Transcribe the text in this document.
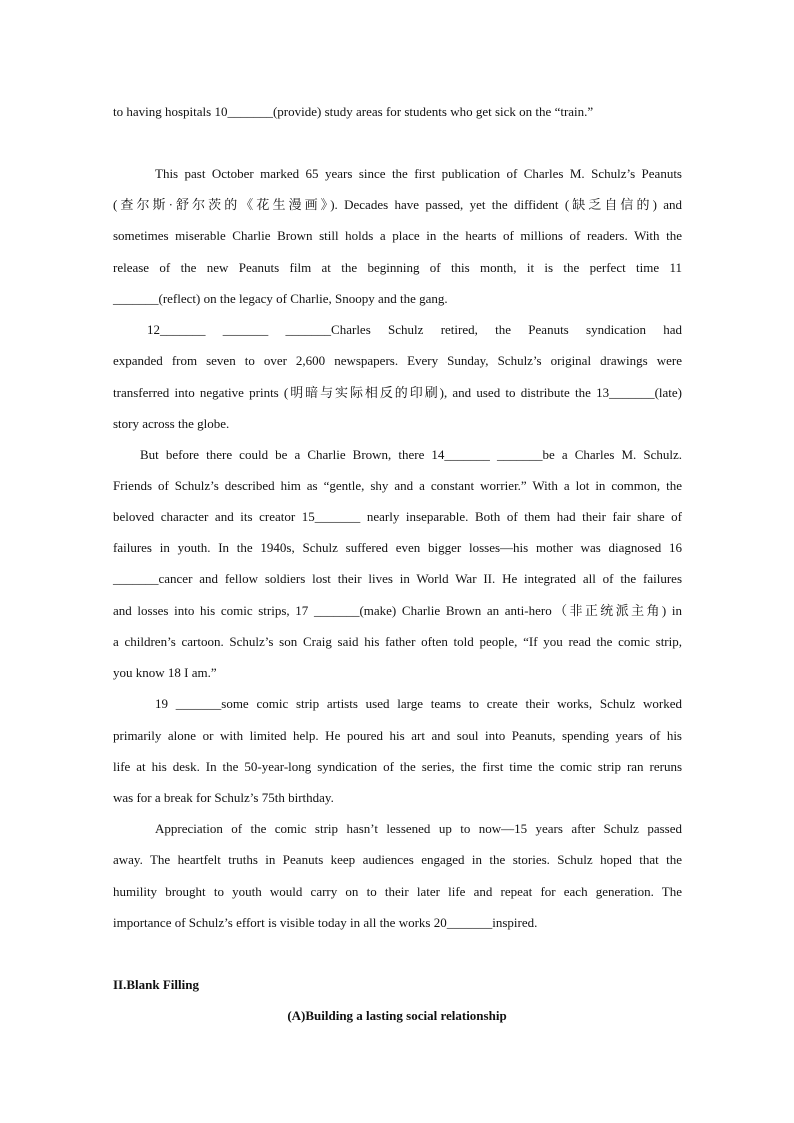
to having hospitals 10_______(provide) study areas for students who get sick on the “train.”
This past October marked 65 years since the first publication of Charles M. Schulz’s Peanuts
(查尔斯·舒尔茨的《花生漫画》). Decades have passed, yet the diffident (缺乏自信的) and
sometimes miserable Charlie Brown still holds a place in the hearts of millions of readers. With the
release of the new Peanuts film at the beginning of this month, it is the perfect time 11
_______(reflect) on the legacy of Charlie, Snoopy and the gang.
12_______ _______ _______Charles Schulz retired, the Peanuts syndication had
expanded from seven to over 2,600 newspapers. Every Sunday, Schulz’s original drawings were
transferred into negative prints (明暗与实际相反的印刷), and used to distribute the 13_______(late)
story across the globe.
But before there could be a Charlie Brown, there 14_______ _______be a Charles M. Schulz.
Friends of Schulz’s described him as “gentle, shy and a constant worrier.” With a lot in common, the
beloved character and its creator 15_______ nearly inseparable. Both of them had their fair share of
failures in youth. In the 1940s, Schulz suffered even bigger losses—his mother was diagnosed 16
_______cancer and fellow soldiers lost their lives in World War II. He integrated all of the failures
and losses into his comic strips, 17 _______(make) Charlie Brown an anti-hero（非正统派主角) in
a children’s cartoon. Schulz’s son Craig said his father often told people, “If you read the comic strip,
you know 18 I am.”
19 _______some comic strip artists used large teams to create their works, Schulz worked
primarily alone or with limited help. He poured his art and soul into Peanuts, spending years of his
life at his desk. In the 50-year-long syndication of the series, the first time the comic strip ran reruns
was for a break for Schulz’s 75th birthday.
Appreciation of the comic strip hasn’t lessened up to now—15 years after Schulz passed
away. The heartfelt truths in Peanuts keep audiences engaged in the stories. Schulz hoped that the
humility brought to youth would carry on to their later life and repeat for each generation. The
importance of Schulz’s effort is visible today in all the works 20_______inspired.
II.Blank Filling
(A)Building a lasting social relationship
